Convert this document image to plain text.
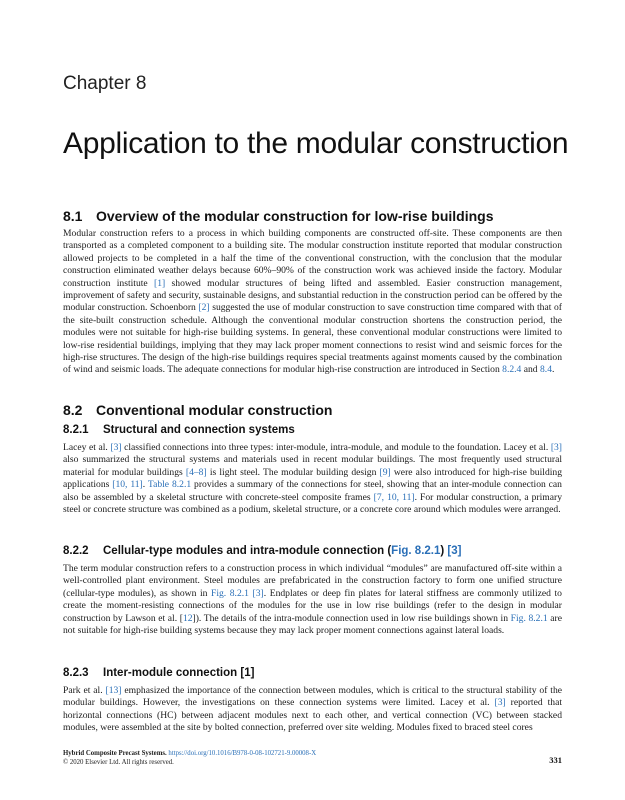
Chapter 8
Application to the modular construction
8.1 Overview of the modular construction for low-rise buildings
Modular construction refers to a process in which building components are constructed off-site. These components are then transported as a completed component to a building site. The modular construction institute reported that modular construction allowed projects to be completed in a half the time of the conventional construction, with the conclusion that the modular construction eliminated weather delays because 60%–90% of the construction work was achieved inside the factory. Modular construction institute [1] showed modular structures of being lifted and assembled. Easier construction management, improvement of safety and security, sustainable designs, and substantial reduction in the construction period can be offered by the modular construction. Schoenborn [2] suggested the use of modular construction to save construction time compared with that of the site-built construction schedule. Although the conventional modular construction shortens the construction period, the modules were not suitable for high-rise building systems. In general, these conventional modular constructions were limited to low-rise residential buildings, implying that they may lack proper moment connections to resist wind and seismic forces for the high-rise structures. The design of the high-rise buildings requires special treatments against moments caused by the combination of wind and seismic loads. The adequate connections for modular high-rise construction are introduced in Section 8.2.4 and 8.4.
8.2 Conventional modular construction
8.2.1 Structural and connection systems
Lacey et al. [3] classified connections into three types: inter-module, intra-module, and module to the foundation. Lacey et al. [3] also summarized the structural systems and materials used in recent modular buildings. The most frequently used structural material for modular buildings [4–8] is light steel. The modular building design [9] were also introduced for high-rise building applications [10, 11]. Table 8.2.1 provides a summary of the connections for steel, showing that an inter-module connection can also be assembled by a skeletal structure with concrete-steel composite frames [7, 10, 11]. For modular construction, a primary steel or concrete structure was combined as a podium, skeletal structure, or a concrete core around which modules were arranged.
8.2.2 Cellular-type modules and intra-module connection (Fig. 8.2.1) [3]
The term modular construction refers to a construction process in which individual “modules” are manufactured off-site within a well-controlled plant environment. Steel modules are prefabricated in the construction factory to form one unified structure (cellular-type modules), as shown in Fig. 8.2.1 [3]. Endplates or deep fin plates for lateral stiffness are commonly utilized to create the moment-resisting connections of the modules for the use in low rise buildings (refer to the design in modular construction by Lawson et al. [12]). The details of the intra-module connection used in low rise buildings shown in Fig. 8.2.1 are not suitable for high-rise building systems because they may lack proper moment connections against lateral loads.
8.2.3 Inter-module connection [1]
Park et al. [13] emphasized the importance of the connection between modules, which is critical to the structural stability of the modular buildings. However, the investigations on these connection systems were limited. Lacey et al. [3] reported that horizontal connections (HC) between adjacent modules next to each other, and vertical connection (VC) between stacked modules, were assembled at the site by bolted connection, preferred over site welding. Modules fixed to braced steel cores
Hybrid Composite Precast Systems. https://doi.org/10.1016/B978-0-08-102721-9.00008-X
© 2020 Elsevier Ltd. All rights reserved.	331
